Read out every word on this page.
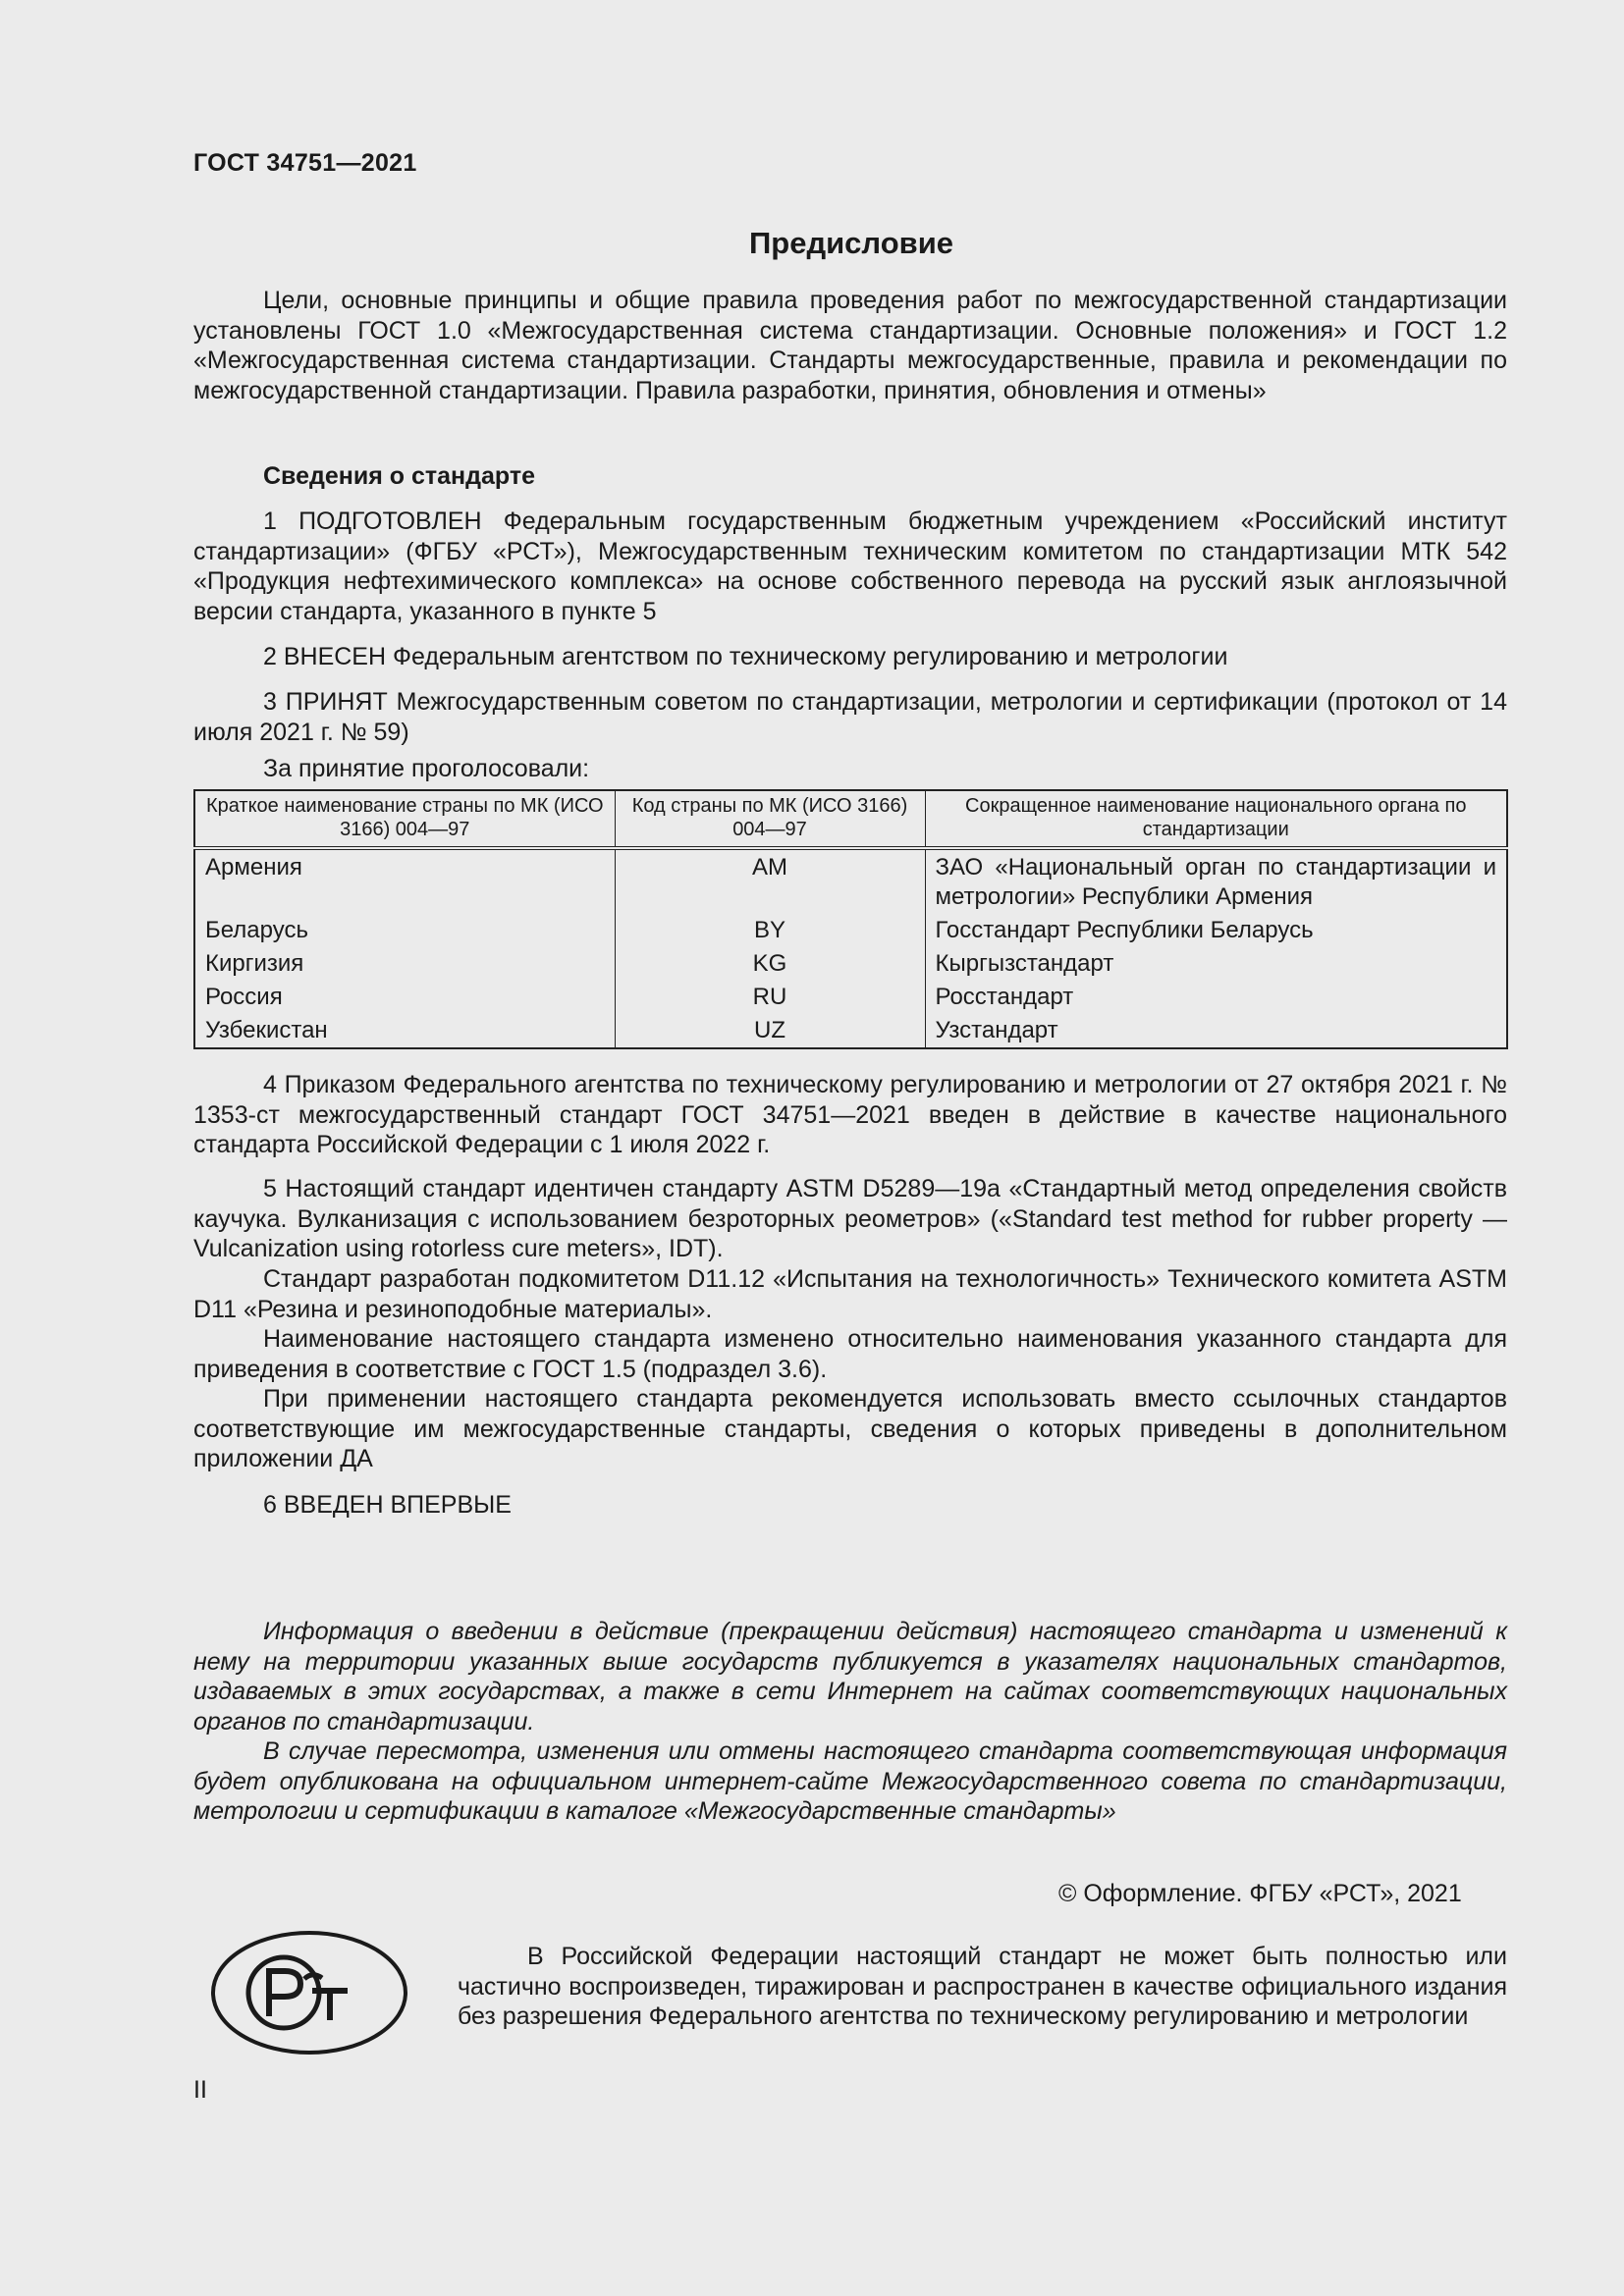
ГОСТ 34751—2021
Предисловие

Цели, основные принципы и общие правила проведения работ по межгосударственной стандартизации установлены ГОСТ 1.0 «Межгосударственная система стандартизации. Основные положения» и ГОСТ 1.2 «Межгосударственная система стандартизации. Стандарты межгосударственные, правила и рекомендации по межгосударственной стандартизации. Правила разработки, принятия, обновления и отмены»

Сведения о стандарте

1 ПОДГОТОВЛЕН Федеральным государственным бюджетным учреждением «Российский институт стандартизации» (ФГБУ «РСТ»), Межгосударственным техническим комитетом по стандартизации МТК 542 «Продукция нефтехимического комплекса» на основе собственного перевода на русский язык англоязычной версии стандарта, указанного в пункте 5

2 ВНЕСЕН Федеральным агентством по техническому регулированию и метрологии

3 ПРИНЯТ Межгосударственным советом по стандартизации, метрологии и сертификации (протокол от 14 июля 2021 г. № 59)

За принятие проголосовали:
Краткое наименование страны по МК (ИСО 3166) 004—97	Код страны по МК (ИСО 3166) 004—97	Сокращенное наименование национального органа по стандартизации

Армения	AM	ЗАО «Национальный орган по стандартизации и метрологии» Республики Армения
Беларусь	BY	Госстандарт Республики Беларусь
Киргизия	KG	Кыргызстандарт
Россия	RU	Росстандарт
Узбекистан	UZ	Узстандарт

4 Приказом Федерального агентства по техническому регулированию и метрологии от 27 октября 2021 г. № 1353-ст межгосударственный стандарт ГОСТ 34751—2021 введен в действие в качестве национального стандарта Российской Федерации с 1 июля 2022 г.

5 Настоящий стандарт идентичен стандарту ASTM D5289—19a «Стандартный метод определения свойств каучука. Вулканизация с использованием безроторных реометров» («Standard test method for rubber property — Vulcanization using rotorless cure meters», IDT).

Стандарт разработан подкомитетом D11.12 «Испытания на технологичность» Технического комитета ASTM D11 «Резина и резиноподобные материалы».

Наименование настоящего стандарта изменено относительно наименования указанного стандарта для приведения в соответствие с ГОСТ 1.5 (подраздел 3.6).

При применении настоящего стандарта рекомендуется использовать вместо ссылочных стандартов соответствующие им межгосударственные стандарты, сведения о которых приведены в дополнительном приложении ДА

6 ВВЕДЕН ВПЕРВЫЕ

Информация о введении в действие (прекращении действия) настоящего стандарта и изменений к нему на территории указанных выше государств публикуется в указателях национальных стандартов, издаваемых в этих государствах, а также в сети Интернет на сайтах соответствующих национальных органов по стандартизации.

В случае пересмотра, изменения или отмены настоящего стандарта соответствующая информация будет опубликована на официальном интернет-сайте Межгосударственного совета по стандартизации, метрологии и сертификации в каталоге «Межгосударственные стандарты»

© Оформление. ФГБУ «РСТ», 2021

В Российской Федерации настоящий стандарт не может быть полностью или частично воспроизведен, тиражирован и распространен в качестве официального издания без разрешения Федерального агентства по техническому регулированию и метрологии

II
